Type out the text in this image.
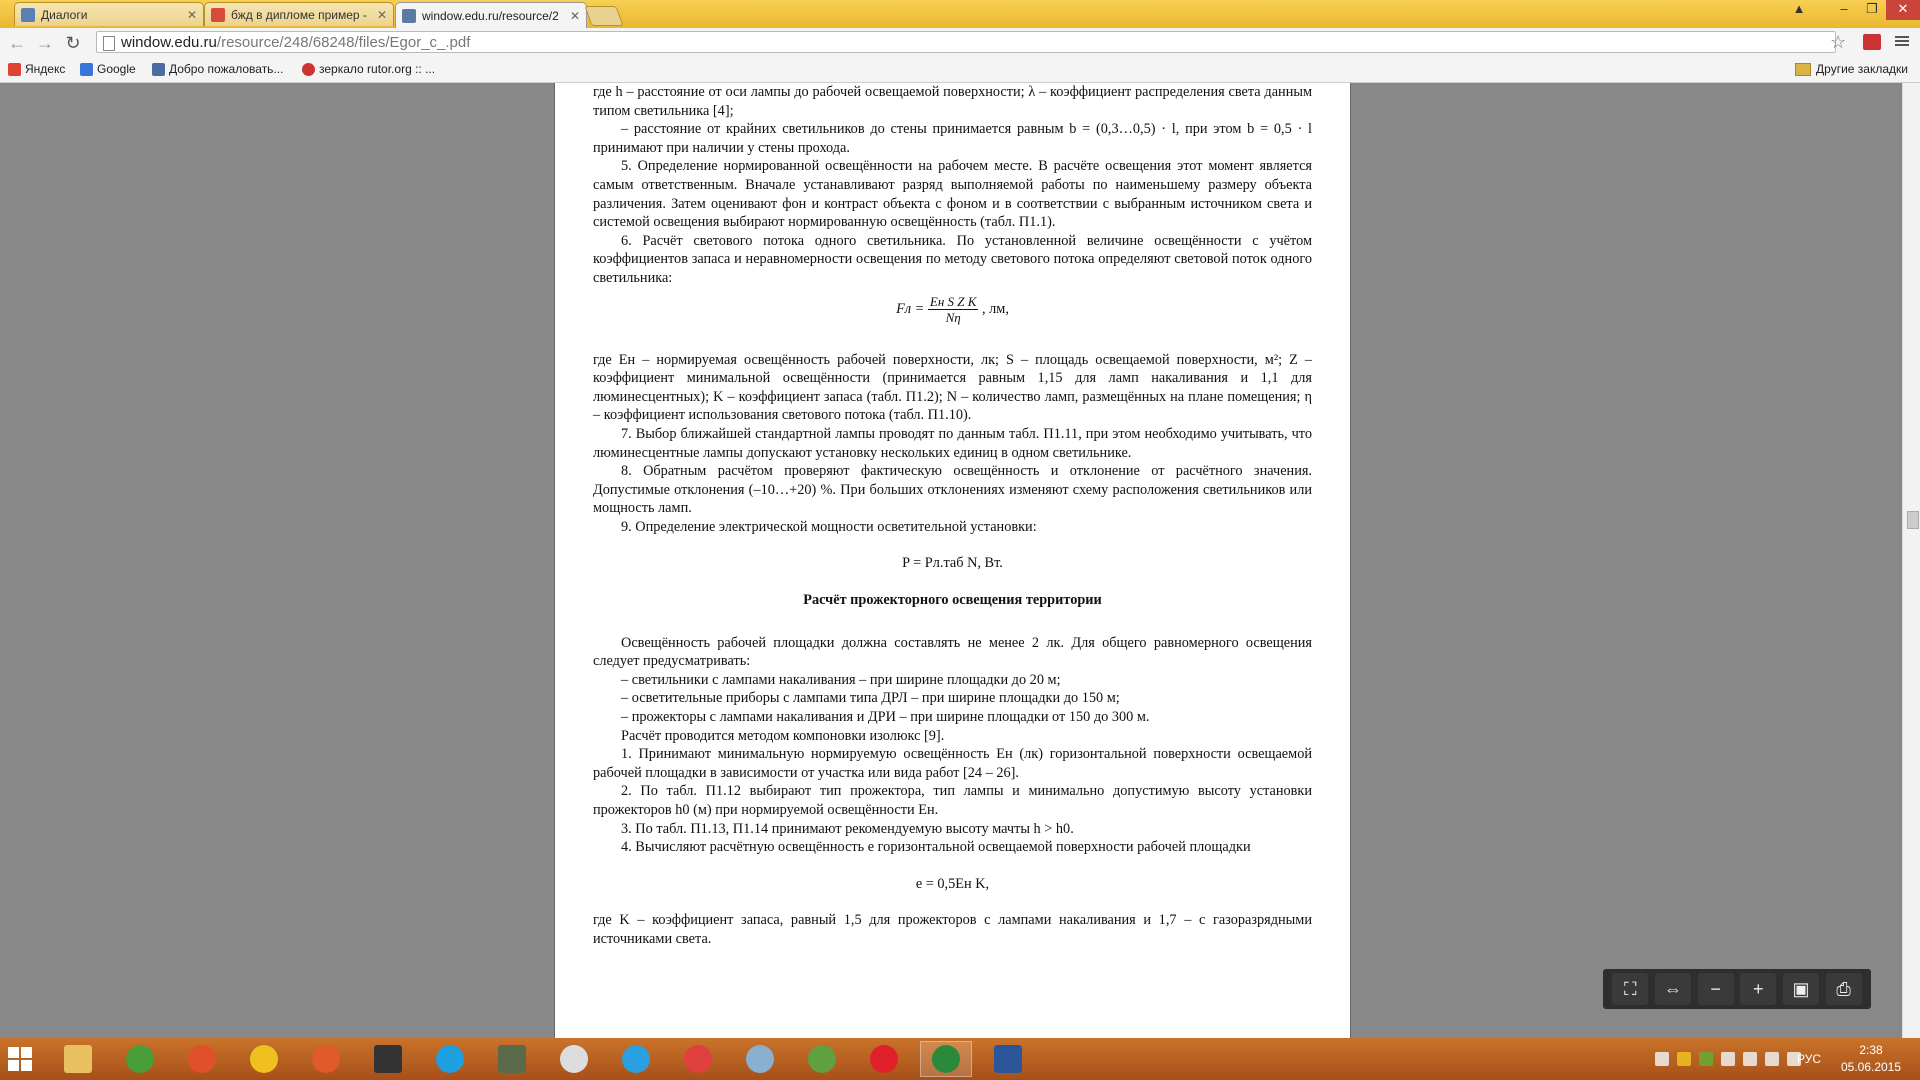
Диалоги	✕	бжд в дипломе пример - ✕	window.edu.ru/resource/2 ✕	▲	–	❐	✕
← → ↻	window.edu.ru/resource/248/68248/files/Egor_c_.pdf	☆
Яндекс	Google	Добро пожаловать...	зеркало rutor.org :: ...	Другие закладки

где h – расстояние от оси лампы до рабочей освещаемой поверхности; λ – коэффициент распределения света данным типом светильника [4];

– расстояние от крайних светильников до стены принимается равным b = (0,3…0,5) · l, при этом b = 0,5 · l принимают при наличии у стены прохода.

5. Определение нормированной освещённости на рабочем месте. В расчёте освещения этот момент является самым ответственным. Вначале устанавливают разряд выполняемой работы по наименьшему размеру объекта различения. Затем оценивают фон и контраст объекта с фоном и в соответствии с выбранным источником света и системой освещения выбирают нормированную освещённость (табл. П1.1).

6. Расчёт светового потока одного светильника. По установленной величине освещённости с учётом коэффициентов запаса и неравномерности освещения по методу светового потока определяют световой поток одного светильника:

Fл = $\frac{\text{Eн S Z K}}{N\eta}$ , лм,

где Eн – нормируемая освещённость рабочей поверхности, лк; S – площадь освещаемой поверхности, м²; Z – коэффициент минимальной освещённости (принимается равным 1,15 для ламп накаливания и 1,1 для люминесцентных); K – коэффициент запаса (табл. П1.2); N – количество ламп, размещённых на плане помещения; η – коэффициент использования светового потока (табл. П1.10).

7. Выбор ближайшей стандартной лампы проводят по данным табл. П1.11, при этом необходимо учитывать, что люминесцентные лампы допускают установку нескольких единиц в одном светильнике.

8. Обратным расчётом проверяют фактическую освещённость и отклонение от расчётного значения. Допустимые отклонения (–10…+20) %. При больших отклонениях изменяют схему расположения светильников или мощность ламп.

9. Определение электрической мощности осветительной установки:

P = Pл.таб N, Вт.

Расчёт прожекторного освещения территории

Освещённость рабочей площадки должна составлять не менее 2 лк. Для общего равномерного освещения следует предусматривать:

– светильники с лампами накаливания – при ширине площадки до 20 м;

– осветительные приборы с лампами типа ДРЛ – при ширине площадки до 150 м;

– прожекторы с лампами накаливания и ДРИ – при ширине площадки от 150 до 300 м.

Расчёт проводится методом компоновки изолюкс [9].

1. Принимают минимальную нормируемую освещённость Eн (лк) горизонтальной поверхности освещаемой рабочей площадки в зависимости от участка или вида работ [24 – 26].

2. По табл. П1.12 выбирают тип прожектора, тип лампы и минимально допустимую высоту установки прожекторов h0 (м) при нормируемой освещённости Eн.

3. По табл. П1.13, П1.14 принимают рекомендуемую высоту мачты h > h0.

4. Вычисляют расчётную освещённость e горизонтальной освещаемой поверхности рабочей площадки

e = 0,5Eн K,

где K – коэффициент запаса, равный 1,5 для прожекторов с лампами накаливания и 1,7 – с газоразрядными источниками света.

⛶ ⇔ − + ▣ ⎙
РУС
2:38
05.06.2015
